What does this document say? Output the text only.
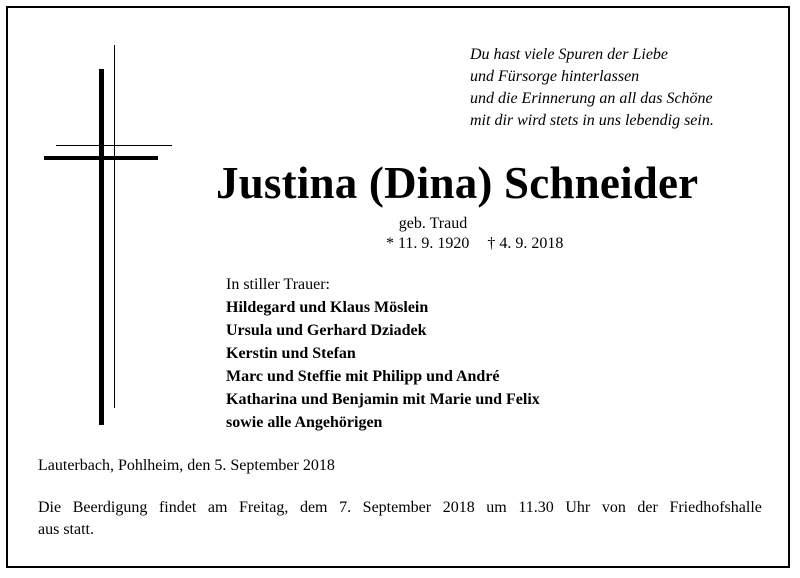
Du hast viele Spuren der Liebe
und Fürsorge hinterlassen
und die Erinnerung an all das Schöne
mit dir wird stets in uns lebendig sein.
Justina (Dina) Schneider
geb. Traud
* 11. 9. 1920 † 4. 9. 2018
In stiller Trauer:
Hildegard und Klaus Möslein
Ursula und Gerhard Dziadek
Kerstin und Stefan
Marc und Steffie mit Philipp und André
Katharina und Benjamin mit Marie und Felix
sowie alle Angehörigen
Lauterbach, Pohlheim, den 5. September 2018
Die Beerdigung findet am Freitag, dem 7. September 2018 um 11.30 Uhr von der Friedhofshalle
aus statt.
